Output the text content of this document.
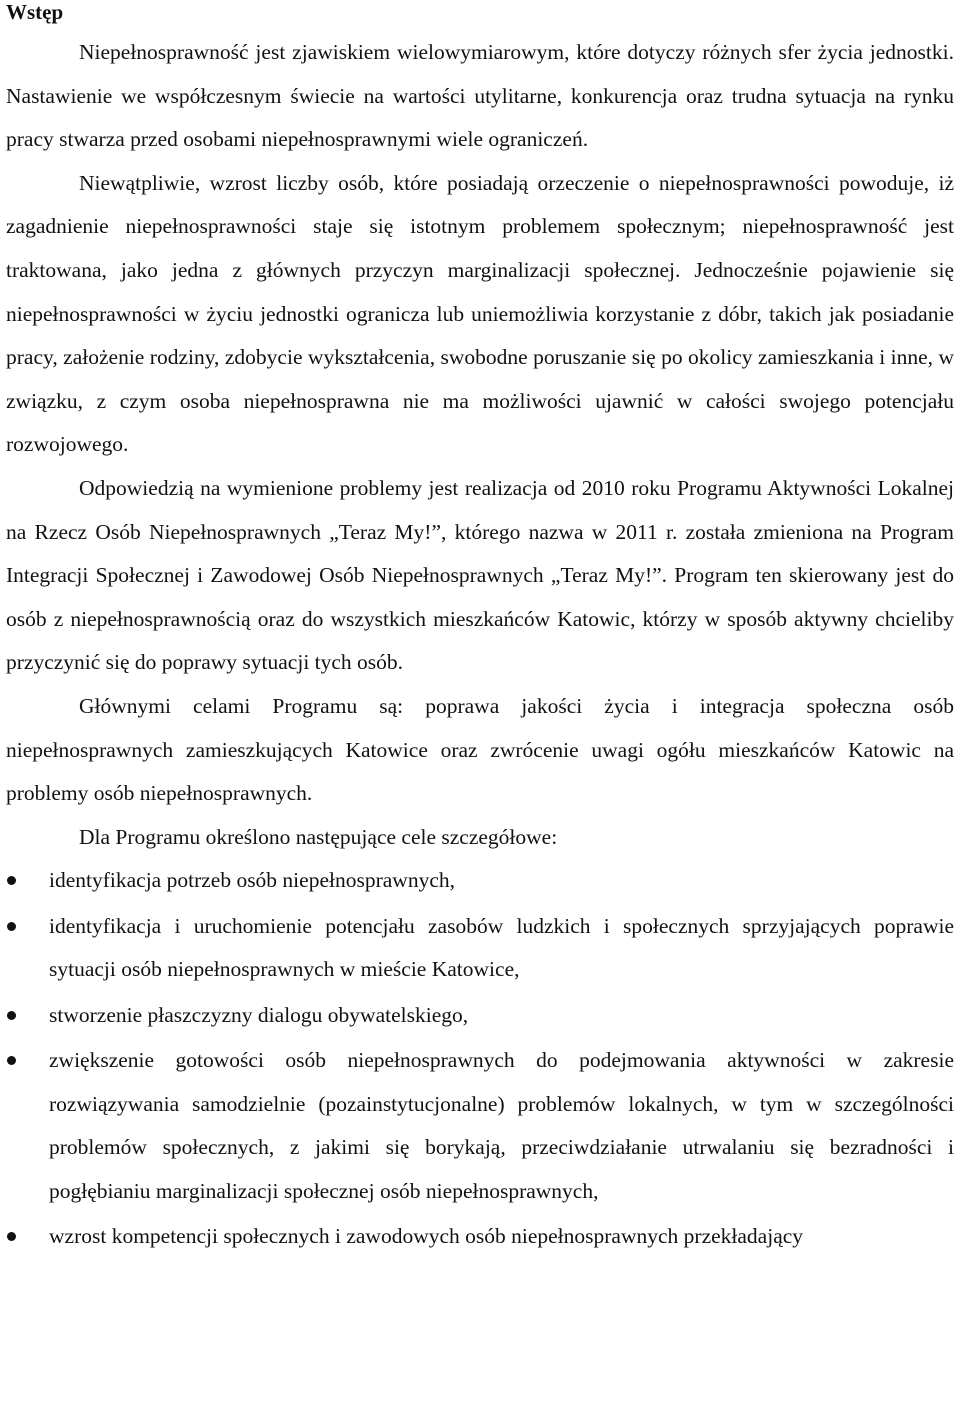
Wstęp

Niepełnosprawność jest zjawiskiem wielowymiarowym, które dotyczy różnych sfer życia jednostki. Nastawienie we współczesnym świecie na wartości utylitarne, konkurencja oraz trudna sytuacja na rynku pracy stwarza przed osobami niepełnosprawnymi wiele ograniczeń.

Niewątpliwie, wzrost liczby osób, które posiadają orzeczenie o niepełnosprawności powoduje, iż zagadnienie niepełnosprawności staje się istotnym problemem społecznym; niepełnosprawność jest traktowana, jako jedna z głównych przyczyn marginalizacji społecznej. Jednocześnie pojawienie się niepełnosprawności w życiu jednostki ogranicza lub uniemożliwia korzystanie z dóbr, takich jak posiadanie pracy, założenie rodziny, zdobycie wykształcenia, swobodne poruszanie się po okolicy zamieszkania i inne, w związku, z czym osoba niepełnosprawna nie ma możliwości ujawnić w całości swojego potencjału rozwojowego.

Odpowiedzią na wymienione problemy jest realizacja od 2010 roku Programu Aktywności Lokalnej na Rzecz Osób Niepełnosprawnych „Teraz My!”, którego nazwa w 2011 r. została zmieniona na Program Integracji Społecznej i Zawodowej Osób Niepełnosprawnych „Teraz My!”. Program ten skierowany jest do osób z niepełnosprawnością oraz do wszystkich mieszkańców Katowic, którzy w sposób aktywny chcieliby przyczynić się do poprawy sytuacji tych osób.

Głównymi celami Programu są: poprawa jakości życia i integracja społeczna osób niepełnosprawnych zamieszkujących Katowice oraz zwrócenie uwagi ogółu mieszkańców Katowic na problemy osób niepełnosprawnych.

Dla Programu określono następujące cele szczegółowe:

identyfikacja potrzeb osób niepełnosprawnych,
identyfikacja i uruchomienie potencjału zasobów ludzkich i społecznych sprzyjających poprawie sytuacji osób niepełnosprawnych w mieście Katowice,
stworzenie płaszczyzny dialogu obywatelskiego,
zwiększenie gotowości osób niepełnosprawnych do podejmowania aktywności w zakresie rozwiązywania samodzielnie (pozainstytucjonalne) problemów lokalnych, w tym w szczególności problemów społecznych, z jakimi się borykają, przeciwdziałanie utrwalaniu się bezradności i pogłębianiu marginalizacji społecznej osób niepełnosprawnych,
wzrost kompetencji społecznych i zawodowych osób niepełnosprawnych przekładający
